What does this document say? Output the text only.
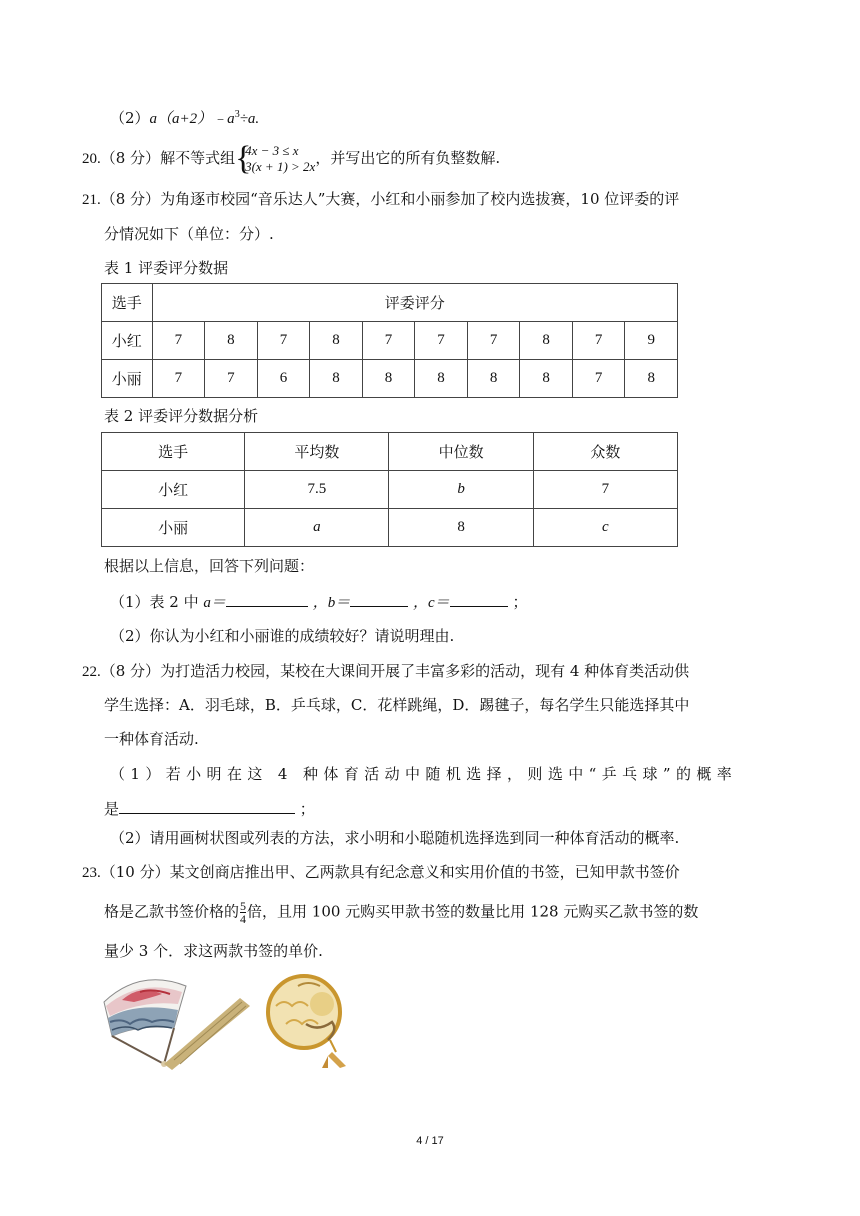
$(2)a(a+2)﹣a^3\div a$.
20.（8 分）解不等式组 {
4x − 3 ≤ x
3(x + 1) > 2x ，并写出它的所有负整数解.
21.（8 分）为角逐市校园“音乐达人”大赛，小红和小丽参加了校内选拔赛，10 位评委的评
分情况如下（单位：分）.
表 1 评委评分数据
选手	评委评分									
小红	7	8	7	8	7	7	7	8	7	9
小丽	7	7	6	8	8	8	8	8	7	8
表 2 评委评分数据分析
选手	平均数	中位数	众数
小红	7.5	b	7
小丽	a	8	c
根据以上信息，回答下列问题：
（1）表 2 中 a＝	，b＝	，c＝	；
（2）你认为小红和小丽谁的成绩较好？请说明理由.
22.（8 分）为打造活力校园，某校在大课间开展了丰富多彩的活动，现有 4 种体育类活动供
学生选择：A．羽毛球，B．乒乓球，C．花样跳绳，D．踢毽子，每名学生只能选择其中
一种体育活动.
（1）若小明在这 4 种体育活动中随机选择，则选中“乒乓球”的概率
是	；
（2）请用画树状图或列表的方法，求小明和小聪随机选择选到同一种体育活动的概率.
23.（10 分）某文创商店推出甲、乙两款具有纪念意义和实用价值的书签，已知甲款书签价
格是乙款书签价格的 $\frac{5}{4}$ 倍，且用 100 元购买甲款书签的数量比用 128 元购买乙款书签的数
量少 3 个．求这两款书签的单价.
4 / 17
